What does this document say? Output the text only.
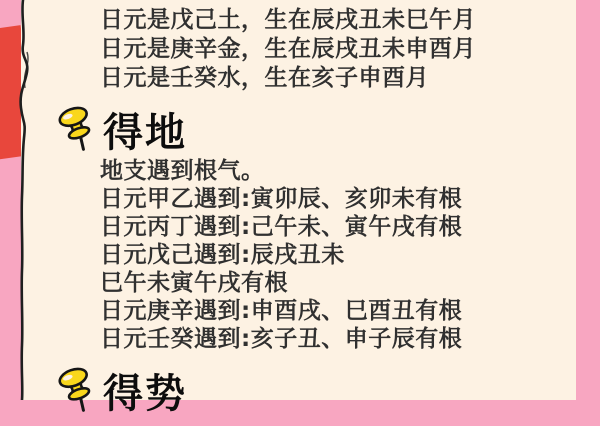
日元是戊己土，生在辰戌丑未巳午月
日元是庚辛金，生在辰戌丑未申酉月
日元是壬癸水，生在亥子申酉月
得地
地支遇到根气。
日元甲乙遇到:寅卯辰、亥卯未有根
日元丙丁遇到:己午未、寅午戌有根
日元戊己遇到:辰戌丑未
巳午未寅午戌有根
日元庚辛遇到:申酉戌、巳酉丑有根
日元壬癸遇到:亥子丑、申子辰有根
得势
